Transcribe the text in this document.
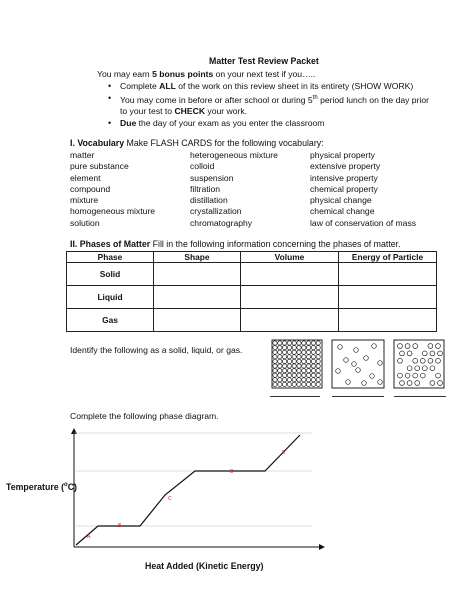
Matter Test Review Packet
You may earn 5 bonus points on your next test if you…..
•	Complete ALL of the work on this review sheet in its entirety (SHOW WORK)
•	You may come in before or after school or during 5th period lunch on the day prior to your test to CHECK your work.
•	Due the day of your exam as you enter the classroom
I. Vocabulary Make FLASH CARDS for the following vocabulary:
matter	heterogeneous mixture	physical property
pure substance	colloid	extensive property
element	suspension	intensive property
compound	filtration	chemical property
mixture	distillation	physical change
homogeneous mixture	crystallization	chemical change
solution	chromatography	law of conservation of mass
II. Phases of Matter Fill in the following information concerning the phases of matter.
Phase	Shape	Volume	Energy of Particle
Solid			
Liquid			
Gas			
Identify the following as a solid, liquid, or gas.
Complete the following phase diagram.
Temperature ($^o$C)
Heat Added (Kinetic Energy)
A
B
C
D
E
